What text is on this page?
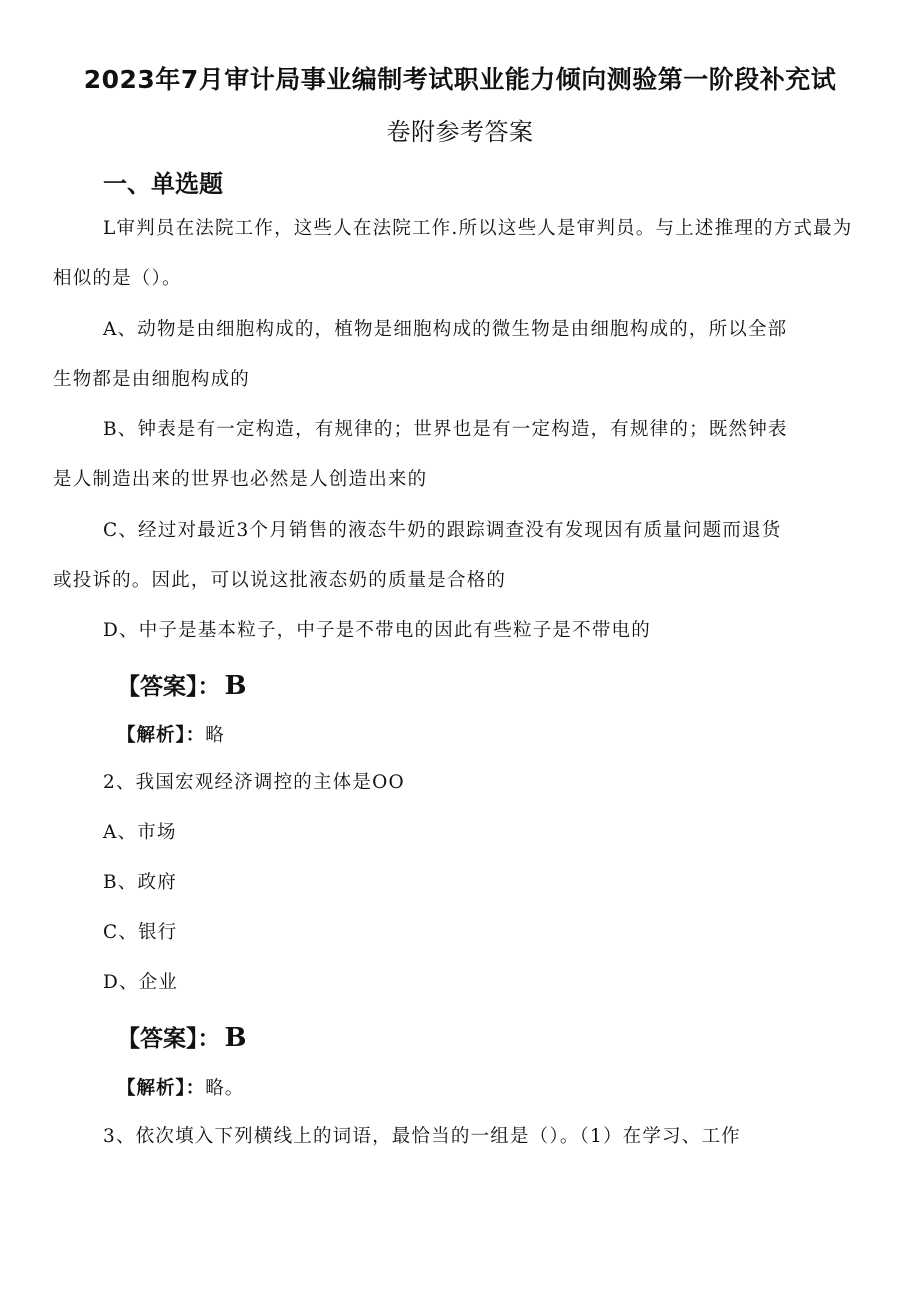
2023年7月审计局事业编制考试职业能力倾向测验第一阶段补充试
卷附参考答案
一、单选题
L审判员在法院工作，这些人在法院工作.所以这些人是审判员。与上述推理的方式最为
相似的是（）。
A、动物是由细胞构成的，植物是细胞构成的微生物是由细胞构成的，所以全部
生物都是由细胞构成的
B、钟表是有一定构造，有规律的；世界也是有一定构造，有规律的；既然钟表
是人制造出来的世界也必然是人创造出来的
C、经过对最近3个月销售的液态牛奶的跟踪调查没有发现因有质量问题而退货
或投诉的。因此，可以说这批液态奶的质量是合格的
D、中子是基本粒子，中子是不带电的因此有些粒子是不带电的
【答案】： B
【解析】：略
2、我国宏观经济调控的主体是OO
A、市场
B、政府
C、银行
D、企业
【答案】： B
【解析】：略。
3、依次填入下列横线上的词语，最恰当的一组是（）。（1）在学习、工作
